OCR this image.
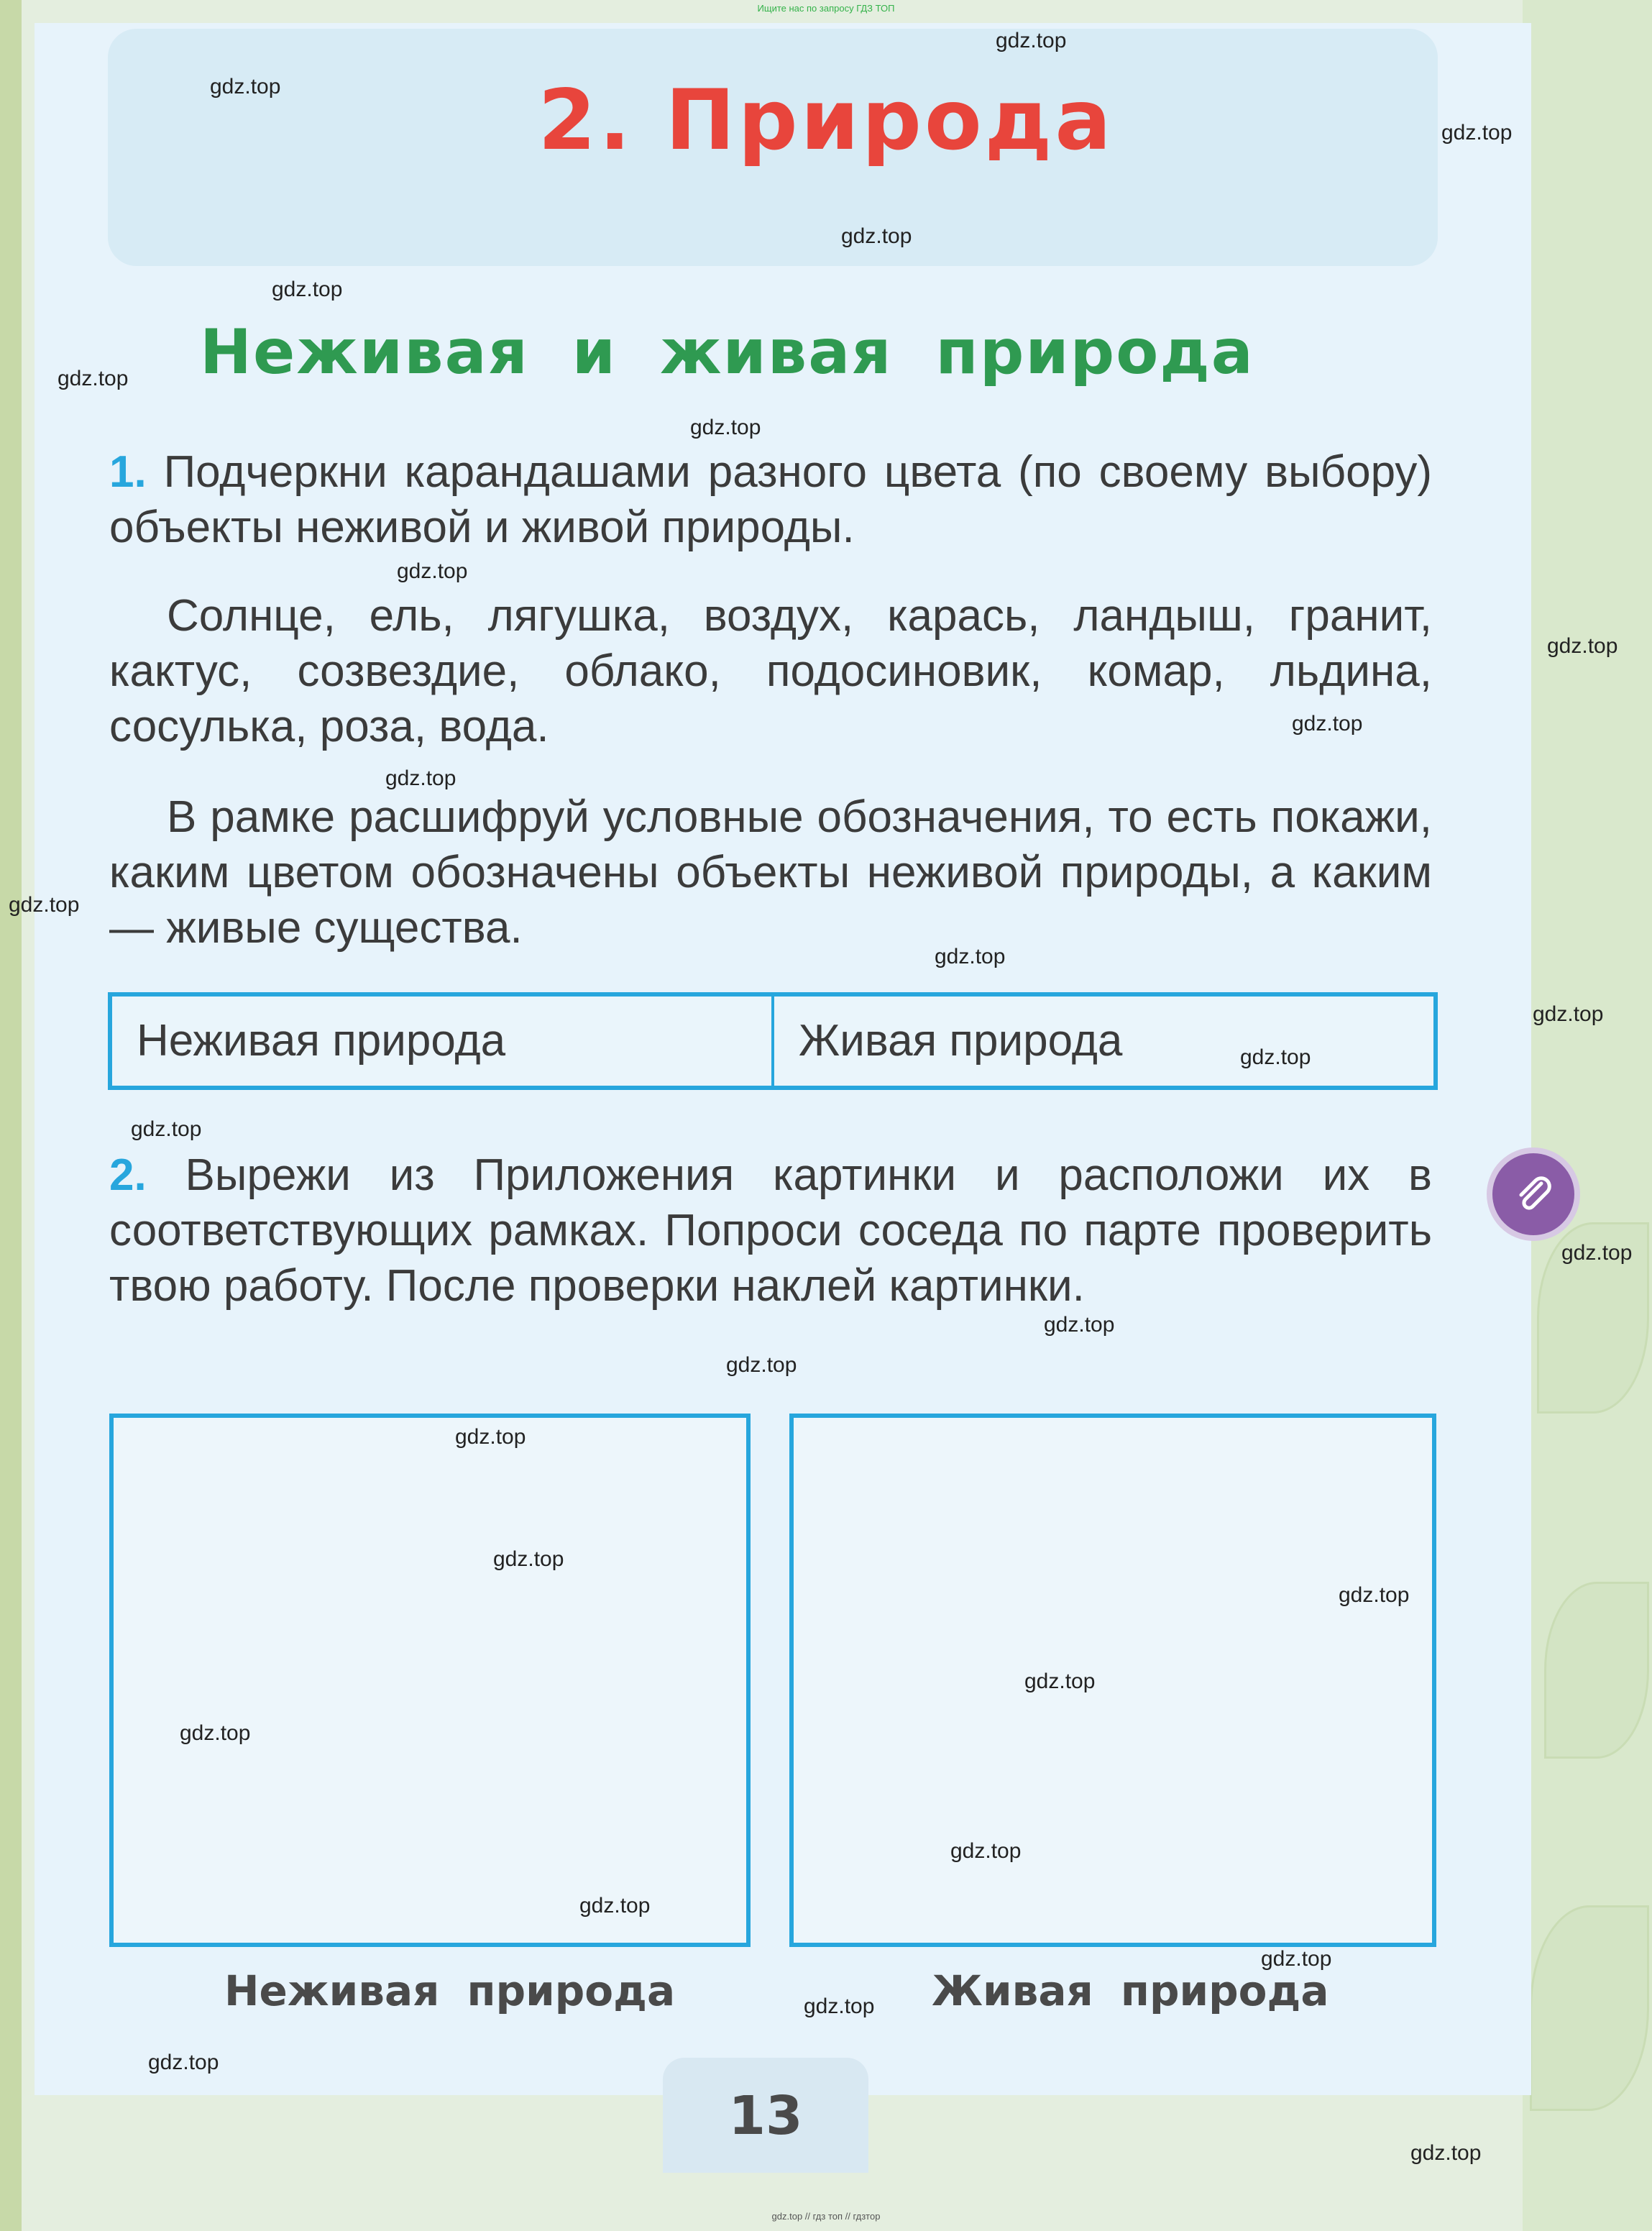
Ищите нас по запросу ГДЗ ТОП
2. Природа
Неживая и живая природа
1. Подчеркни карандашами разного цвета (по своему выбору) объекты неживой и живой природы.
Солнце, ель, лягушка, воздух, карась, ландыш, гранит, кактус, созвездие, облако, подосиновик, комар, льдина, сосулька, роза, вода.
В рамке расшифруй условные обозначения, то есть покажи, каким цветом обозначены объекты неживой природы, а каким — живые существа.
Неживая природа	Живая природа
2. Вырежи из Приложения картинки и расположи их в соответствующих рамках. Попроси соседа по парте проверить твою работу. После проверки наклей картинки.
Неживая природа	Живая природа
13
gdz.top
gdz.top
gdz.top
gdz.top
gdz.top
gdz.top
gdz.top
gdz.top
gdz.top
gdz.top
gdz.top
gdz.top
gdz.top
gdz.top
gdz.top
gdz.top
gdz.top
gdz.top
gdz.top
gdz.top
gdz.top
gdz.top
gdz.top
gdz.top
gdz.top
gdz.top
gdz.top
gdz.top
gdz.top
gdz.top
gdz.top // гдз топ // гдзтор
